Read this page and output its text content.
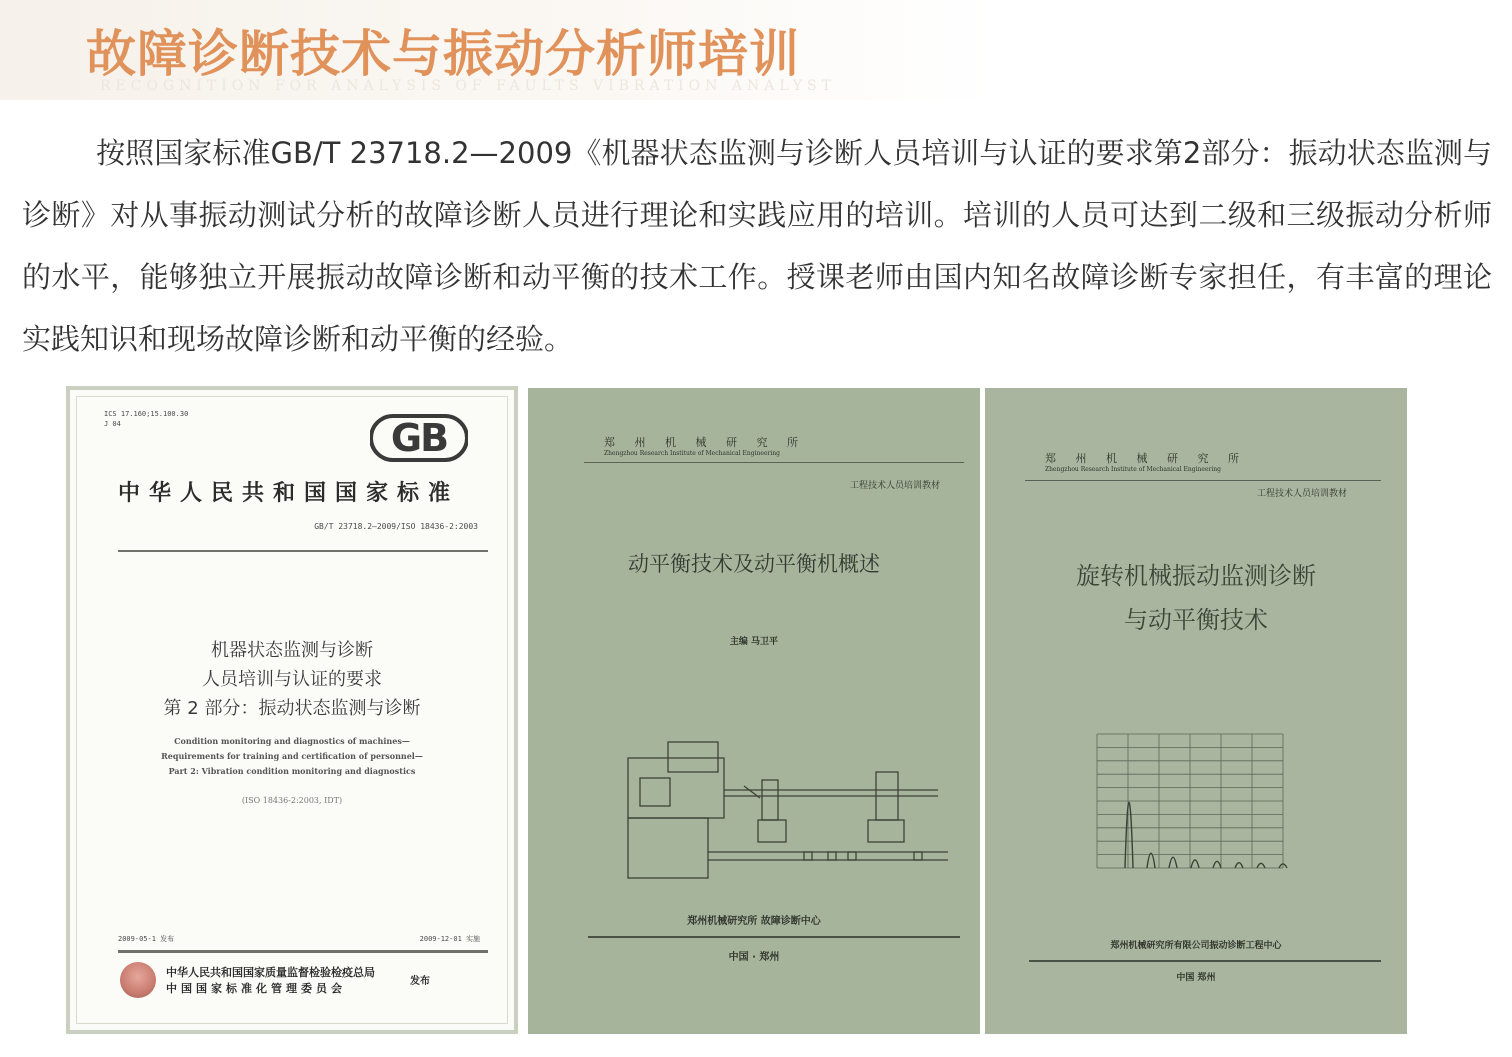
故障诊断技术与振动分析师培训
RECOGNITION FOR ANALYSIS OF FAULTS VIBRATION ANALYST
按照国家标准GB/T 23718.2—2009《机器状态监测与诊断人员培训与认证的要求第2部分：振动状态监测与诊断》对从事振动测试分析的故障诊断人员进行理论和实践应用的培训。培训的人员可达到二级和三级振动分析师的水平，能够独立开展振动故障诊断和动平衡的技术工作。授课老师由国内知名故障诊断专家担任，有丰富的理论实践知识和现场故障诊断和动平衡的经验。
ICS 17.160;15.100.30
J 04	GB
中华人民共和国国家标准
GB/T 23718.2—2009/ISO 18436-2:2003
机器状态监测与诊断
人员培训与认证的要求
第 2 部分：振动状态监测与诊断
Condition monitoring and diagnostics of machines—
Requirements for training and certification of personnel—
Part 2: Vibration condition monitoring and diagnostics
(ISO 18436-2:2003, IDT)
2009-05-1 发布	2009-12-01 实施
中华人民共和国国家质量监督检验检疫总局
中国国家标准化管理委员会
发布
郑 州 机 械 研 究 所
Zhengzhou Research Institute of Mechanical Engineering
工程技术人员培训教材
动平衡技术及动平衡机概述
主编 马卫平
郑州机械研究所 故障诊断中心
中国 · 郑州
郑 州 机 械 研 究 所
Zhengzhou Research Institute of Mechanical Engineering
工程技术人员培训教材
旋转机械振动监测诊断
与动平衡技术
郑州机械研究所有限公司振动诊断工程中心
中国 郑州
